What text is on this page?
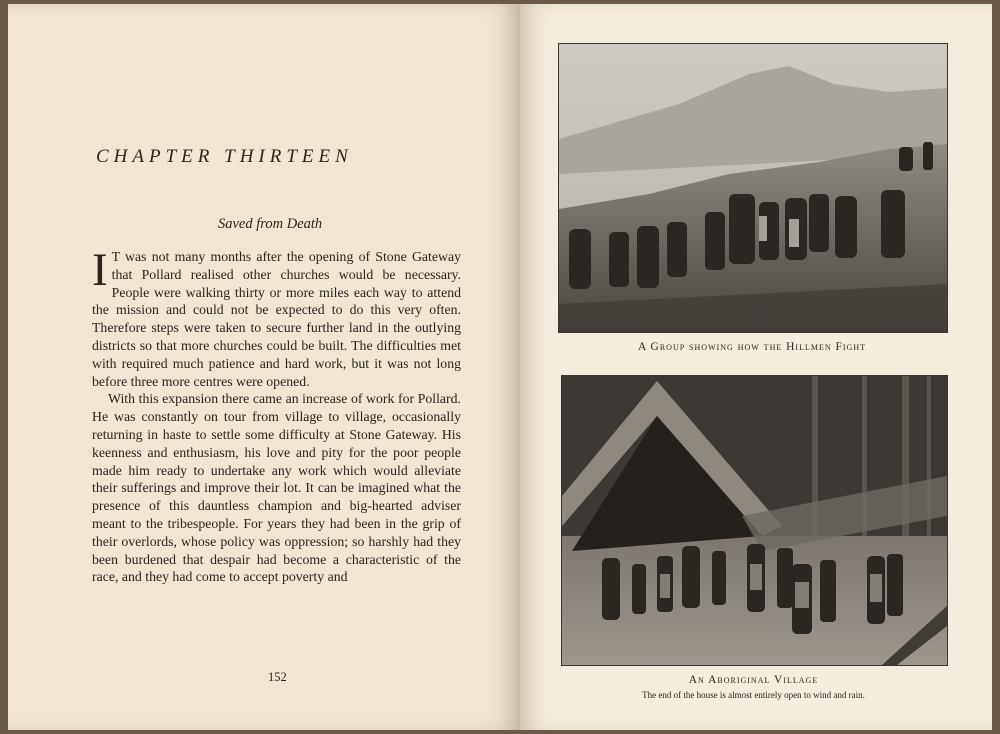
CHAPTER THIRTEEN
Saved from Death

I T was not many months after the opening of Stone Gateway that Pollard realised other churches would be necessary. People were walking thirty or more miles each way to attend the mission and could not be expected to do this very often. Therefore steps were taken to secure further land in the outlying districts so that more churches could be built. The difficulties met with required much patience and hard work, but it was not long before three more centres were opened.

With this expansion there came an increase of work for Pollard. He was constantly on tour from village to village, occasionally returning in haste to settle some difficulty at Stone Gateway. His keenness and enthusiasm, his love and pity for the poor people made him ready to undertake any work which would alleviate their sufferings and improve their lot. It can be imagined what the presence of this dauntless champion and big-hearted adviser meant to the tribespeople. For years they had been in the grip of their overlords, whose policy was oppression; so harshly had they been burdened that despair had become a characteristic of the race, and they had come to accept poverty and

152
A Group showing how the Hillmen Fight
An Aboriginal Village
The end of the house is almost entirely open to wind and rain.
